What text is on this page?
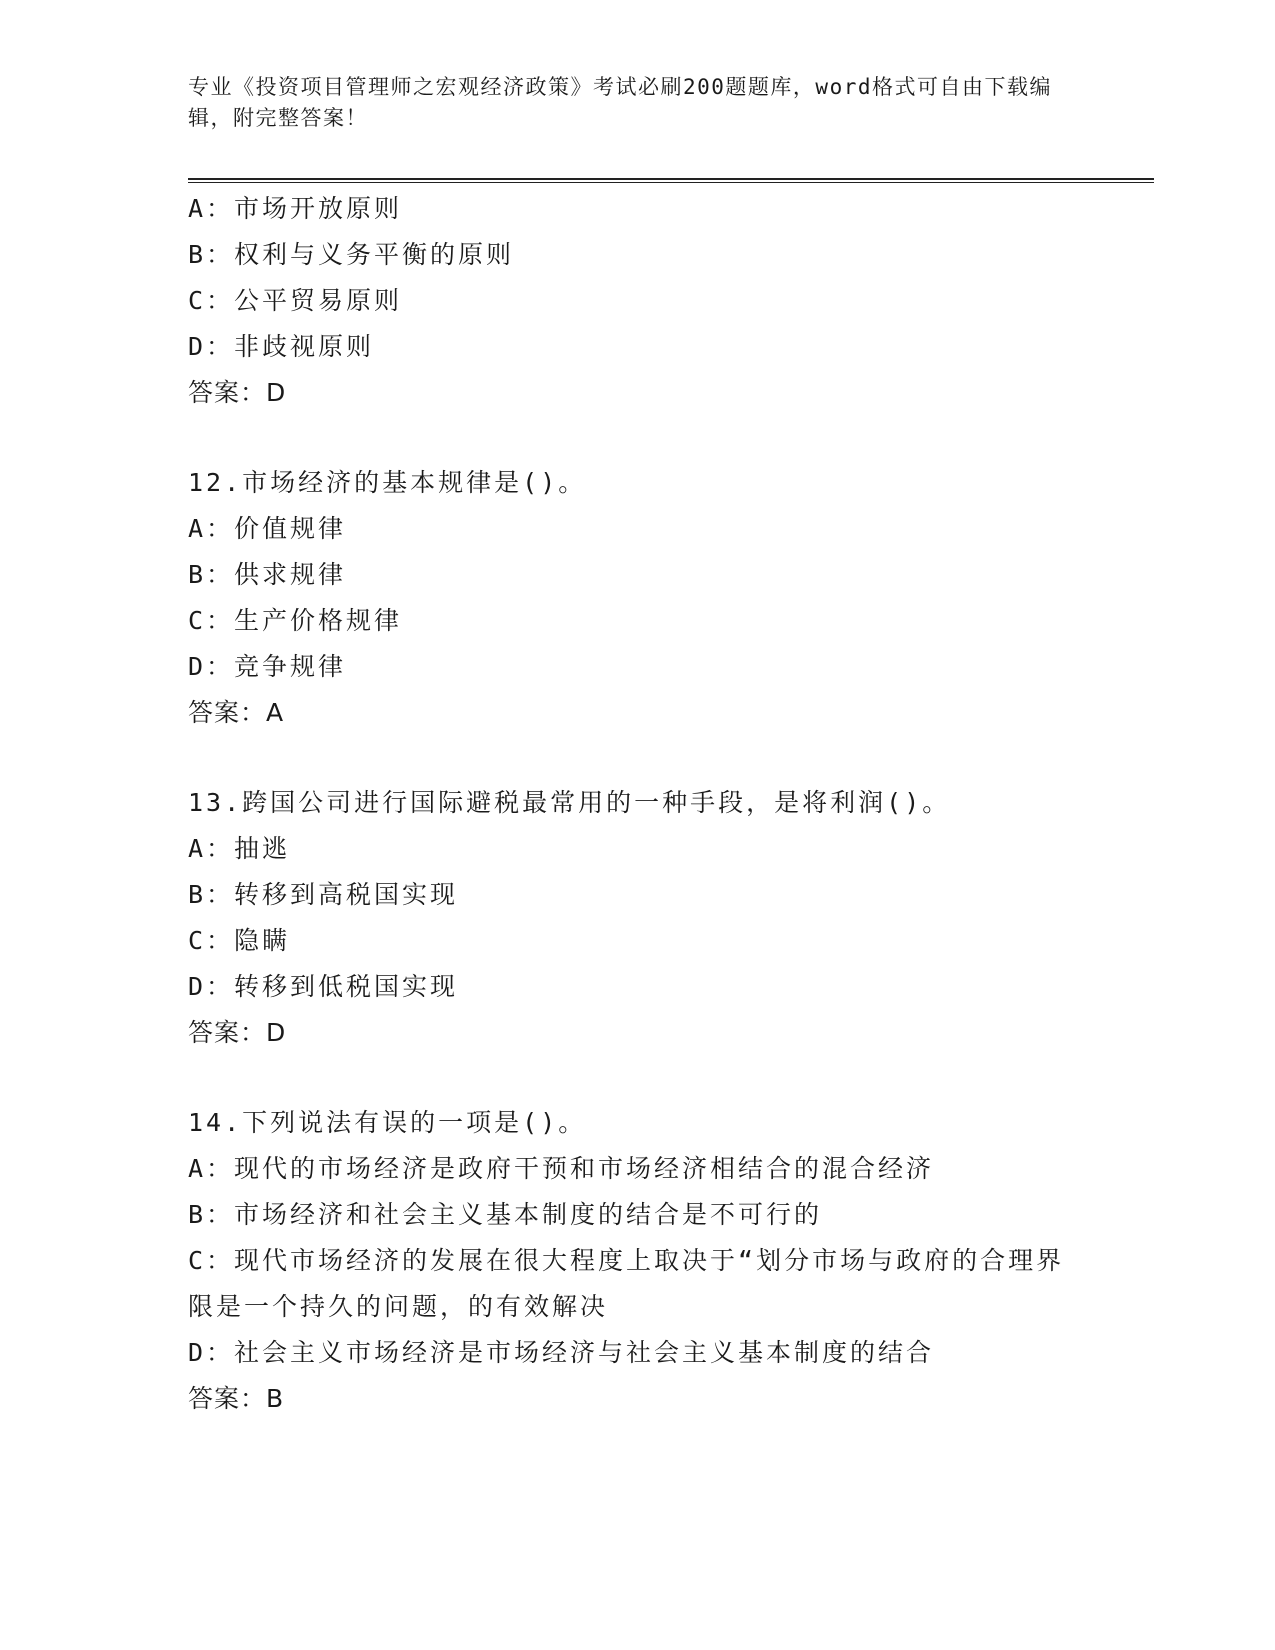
专业《投资项目管理师之宏观经济政策》考试必刷200题题库，word格式可自由下载编辑，附完整答案！
A：市场开放原则
B：权利与义务平衡的原则
C：公平贸易原则
D：非歧视原则
答案：D
12.市场经济的基本规律是()。
A：价值规律
B：供求规律
C：生产价格规律
D：竞争规律
答案：A
13.跨国公司进行国际避税最常用的一种手段，是将利润()。
A：抽逃
B：转移到高税国实现
C：隐瞒
D：转移到低税国实现
答案：D
14.下列说法有误的一项是()。
A：现代的市场经济是政府干预和市场经济相结合的混合经济
B：市场经济和社会主义基本制度的结合是不可行的
C：现代市场经济的发展在很大程度上取决于“划分市场与政府的合理界限是一个持久的问题，的有效解决
D：社会主义市场经济是市场经济与社会主义基本制度的结合
答案：B
